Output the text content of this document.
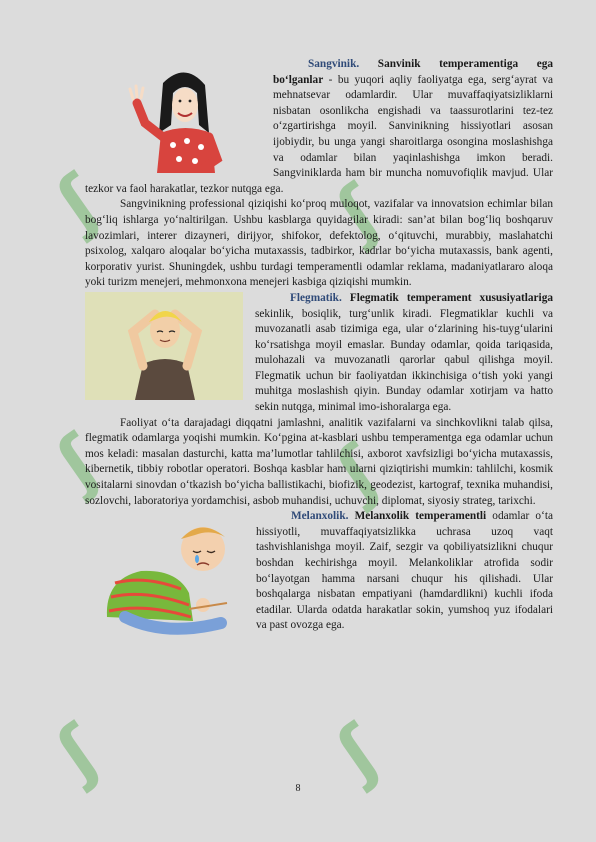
ʃ	ʃ
ʃ	ʃ
ʃ	ʃ

Sangvinik. Sanvinik temperamentiga ega bo‘lganlar - bu yuqori aqliy faoliyatga ega, serg‘ayrat va mehnatsevar odamlardir. Ular muvaffaqiyatsizliklarni nisbatan osonlikcha engishadi va taassurotlarini tez-tez o‘zgartirishga moyil. Sanvinikning hissiyotlari asosan ijobiydir, bu unga yangi sharoitlarga osongina moslashishga va odamlar bilan yaqinlashishga imkon beradi. Sangviniklarda ham bir muncha nomuvofiqlik mavjud. Ular tezkor va faol harakatlar, tezkor nutqga ega.

Sangvinikning professional qiziqishi ko‘proq muloqot, vazifalar va innovatsion echimlar bilan bog‘liq ishlarga yo‘naltirilgan. Ushbu kasblarga quyidagilar kiradi: san’at bilan bog‘liq boshqaruv lavozimlari, interer dizayneri, dirijyor, shifokor, defektolog, o‘qituvchi, murabbiy, maslahatchi psixolog, xalqaro aloqalar bo‘yicha mutaxassis, tadbirkor, kadrlar bo‘yicha mutaxassis, bank agenti, korporativ yurist. Shuningdek, ushbu turdagi temperamentli odamlar reklama, madaniyatlararo aloqa yoki turizm menejeri, mehmonxona menejeri kasbiga qiziqishi mumkin.

Flegmatik. Flegmatik temperament xususiyatlariga sekinlik, bosiqlik, turg‘unlik kiradi. Flegmatiklar kuchli va muvozanatli asab tizimiga ega, ular o‘zlarining his-tuyg‘ularini ko‘rsatishga moyil emaslar. Bunday odamlar, qoida tariqasida, mulohazali va muvozanatli qarorlar qabul qilishga moyil. Flegmatik uchun bir faoliyatdan ikkinchisiga o‘tish yoki yangi muhitga moslashish qiyin. Bunday odamlar xotirjam va hatto sekin nutqga, minimal imo-ishoralarga ega.

Faoliyat o‘ta darajadagi diqqatni jamlashni, analitik vazifalarni va sinchkovlikni talab qilsa, flegmatik odamlarga yoqishi mumkin. Ko‘pgina at-kasblari ushbu temperamentga ega odamlar uchun mos keladi: masalan dasturchi, katta ma’lumotlar tahlilchisi, axborot xavfsizligi bo‘yicha mutaxassis, kibernetik, tibbiy robotlar operatori. Boshqa kasblar ham ularni qiziqtirishi mumkin: tahlilchi, kosmik vositalarni sinovdan o‘tkazish bo‘yicha ballistikachi, biofizik, geodezist, kartograf, texnika muhandisi, sozlovchi, laboratoriya yordamchisi, asbob muhandisi, uchuvchi, diplomat, siyosiy strateg, tarixchi.

Melanxolik. Melanxolik temperamentli odamlar o‘ta hissiyotli, muvaffaqiyatsizlikka uchrasa uzoq vaqt tashvishlanishga moyil. Zaif, sezgir va qobiliyatsizlikni chuqur boshdan kechirishga moyil. Melankoliklar atrofida sodir bo‘layotgan hamma narsani chuqur his qilishadi. Ular boshqalarga nisbatan empatiyani (hamdardlikni) kuchli ifoda etadilar. Ularda odatda harakatlar sokin, yumshoq yuz ifodalari va past ovozga ega.

8
